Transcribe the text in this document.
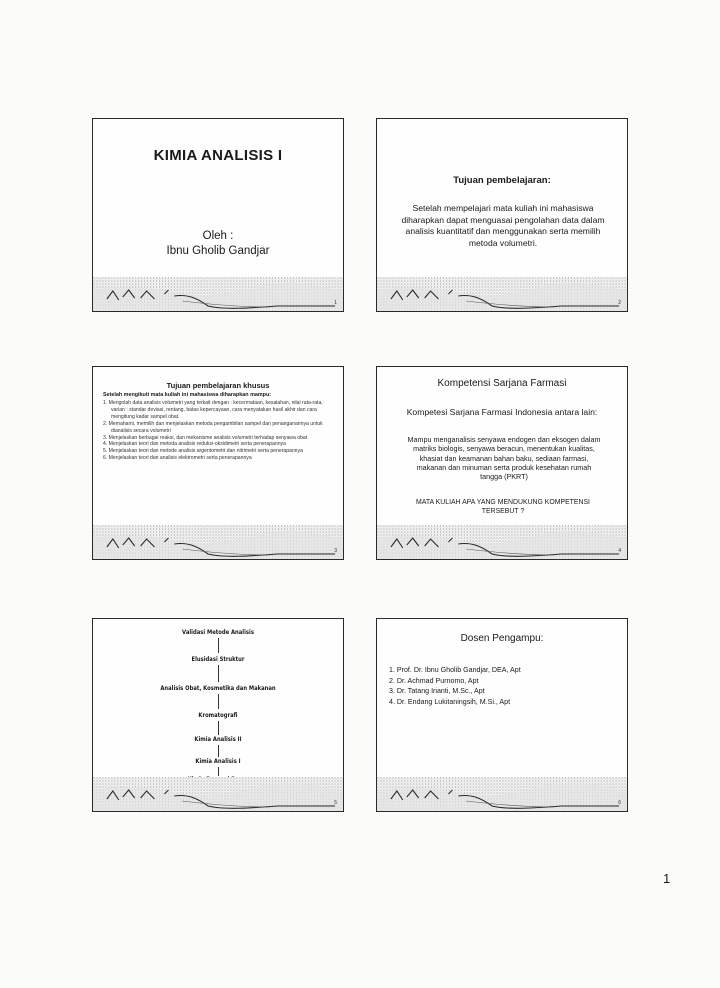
KIMIA ANALISIS I
Oleh :
Ibnu Gholib Gandjar
1
Tujuan pembelajaran:
Setelah mempelajari mata kuliah ini mahasiswa diharapkan dapat menguasai pengolahan data dalam analisis kuantitatif dan menggunakan serta memilih metoda volumetri.
2
Tujuan pembelajaran khusus
Setelah mengikuti mata kuliah ini mahasiswa diharapkan mampu:
1. Mengolah data analisis volumetri yang terkait dengan : kecermataan, kesalahan, nilai rata-rata, varian : standar deviasi, rentang, batas kepercayaan, cara menyatakan hasil akhir dan cara mengitung kadar sampel obat.
2. Memahami, memilih dan menjelaskan metoda pengambilan sampel dan penanganannya untuk dianalisis secara volumetri
3. Menjelaskan berbagai reaksi, dan mekanisme analisis volumetri terhadap senyawa obat
4. Menjelaskan teori dan metoda analisis reduksi-oksidimetri serta penerapannya
5. Menjelaskan teori dan metode analisis argentometri dan nitrimetri serta penerapannya
6. Menjelaskan teori dan analisis elektrometri serta penerapannya
3
Kompetensi Sarjana Farmasi
Kompetesi Sarjana Farmasi Indonesia antara lain:
Mampu menganalisis senyawa endogen dan eksogen dalam matriks biologis, senyawa beracun, menentukan kualitas, khasiat dan keamanan bahan baku, sediaan farmasi, makanan dan minuman serta produk kesehatan rumah tangga (PKRT)
MATA KULIAH APA YANG MENDUKUNG KOMPETENSI TERSEBUT ?
4
Validasi Metode Analisis
Elusidasi Struktur
Analisis Obat, Kosmetika dan Makanan
Kromatografi
Kimia Analisis II
Kimia Analisis I
5
Dosen Pengampu:
1. Prof. Dr. Ibnu Gholib Gandjar, DEA, Apt
2. Dr. Achmad Purnomo, Apt
3. Dr. Tatang Irianti, M.Sc., Apt
4. Dr. Endang Lukitaningsih, M.Si., Apt
6
1
